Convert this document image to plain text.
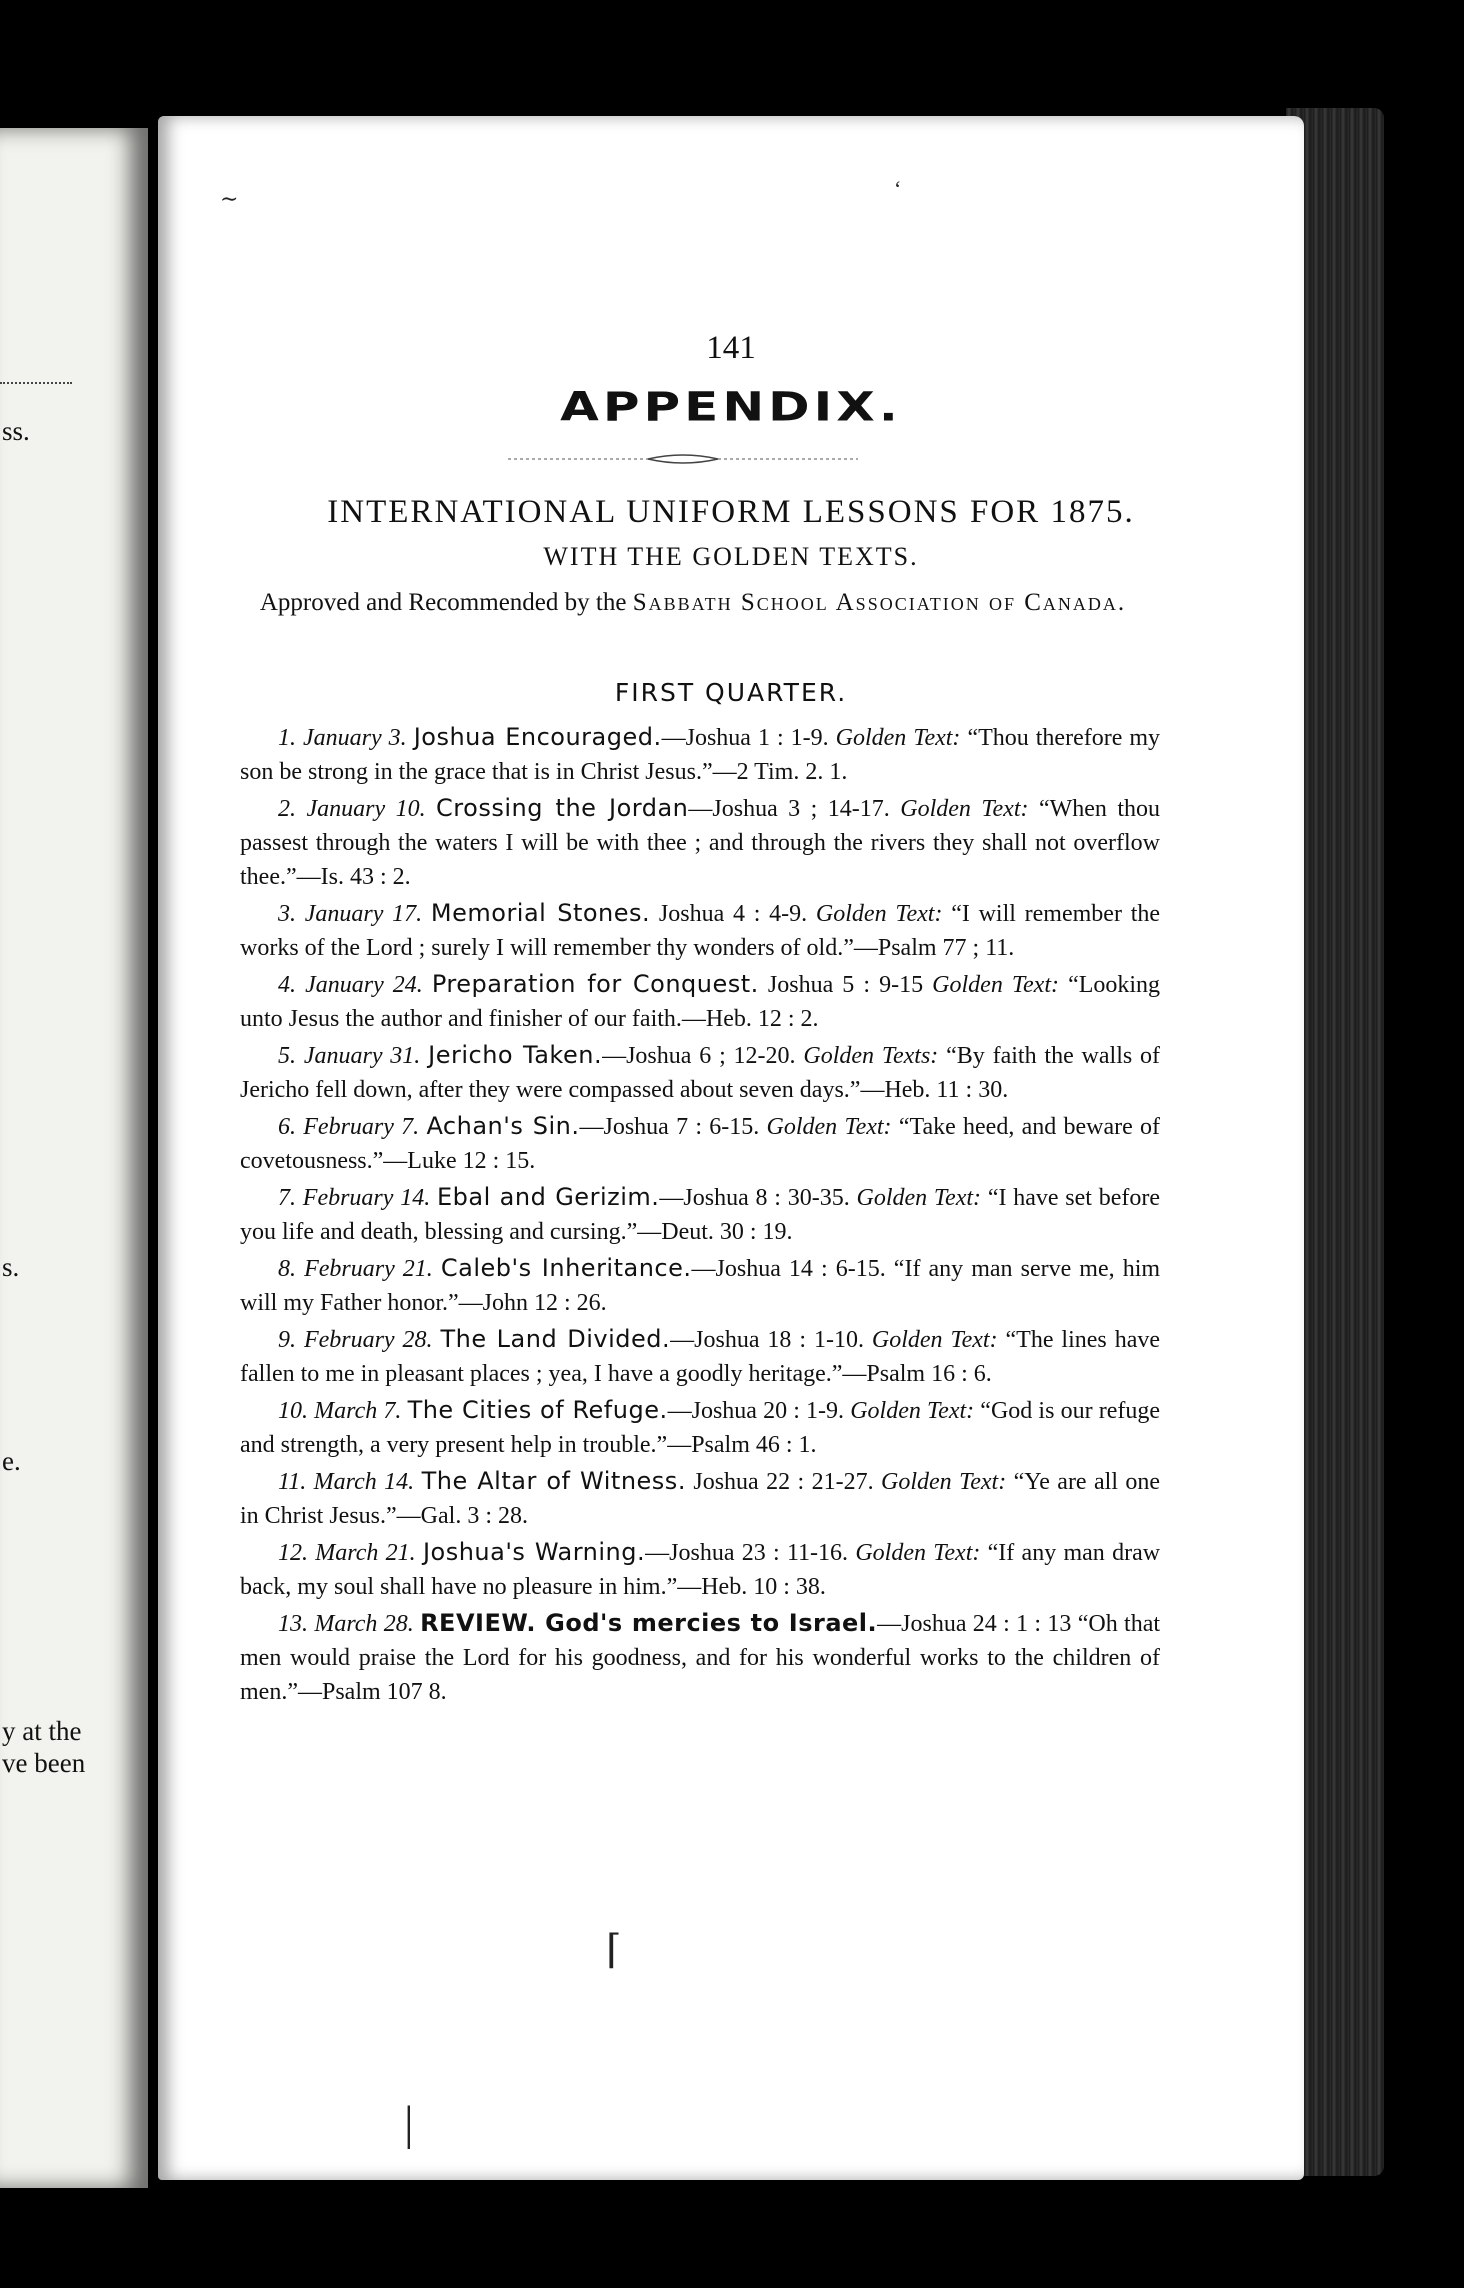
ss.
s.
e.
y at the
ve been
∼	‘
141
APPENDIX.
INTERNATIONAL UNIFORM LESSONS FOR 1875.
WITH THE GOLDEN TEXTS.
Approved and Recommended by the Sabbath School Association of Canada.
FIRST QUARTER.

1. January 3. Joshua Encouraged.—Joshua 1 : 1-9. Golden Text: “Thou therefore my son be strong in the grace that is in Christ Jesus.”—2 Tim. 2. 1.

2. January 10. Crossing the Jordan—Joshua 3 ; 14-17. Golden Text: “When thou passest through the waters I will be with thee ; and through the rivers they shall not overflow thee.”—Is. 43 : 2.

3. January 17. Memorial Stones. Joshua 4 : 4-9. Golden Text: “I will remember the works of the Lord ; surely I will remember thy wonders of old.”—Psalm 77 ; 11.

4. January 24. Preparation for Conquest. Joshua 5 : 9-15 Golden Text: “Looking unto Jesus the author and finisher of our faith.—Heb. 12 : 2.

5. January 31. Jericho Taken.—Joshua 6 ; 12-20. Golden Texts: “By faith the walls of Jericho fell down, after they were compassed about seven days.”—Heb. 11 : 30.

6. February 7. Achan's Sin.—Joshua 7 : 6-15. Golden Text: “Take heed, and beware of covetousness.”—Luke 12 : 15.

7. February 14. Ebal and Gerizim.—Joshua 8 : 30-35. Golden Text: “I have set before you life and death, blessing and cursing.”—Deut. 30 : 19.

8. February 21. Caleb's Inheritance.—Joshua 14 : 6-15. “If any man serve me, him will my Father honor.”—John 12 : 26.

9. February 28. The Land Divided.—Joshua 18 : 1-10. Golden Text: “The lines have fallen to me in pleasant places ; yea, I have a goodly heritage.”—Psalm 16 : 6.

10. March 7. The Cities of Refuge.—Joshua 20 : 1-9. Golden Text: “God is our refuge and strength, a very present help in trouble.”—Psalm 46 : 1.

11. March 14. The Altar of Witness. Joshua 22 : 21-27. Golden Text: “Ye are all one in Christ Jesus.”—Gal. 3 : 28.

12. March 21. Joshua's Warning.—Joshua 23 : 11-16. Golden Text: “If any man draw back, my soul shall have no pleasure in him.”—Heb. 10 : 38.

13. March 28. REVIEW. God's mercies to Israel.—Joshua 24 : 1 : 13 “Oh that men would praise the Lord for his goodness, and for his wonderful works to the children of men.”—Psalm 107 8.

⌈
|
